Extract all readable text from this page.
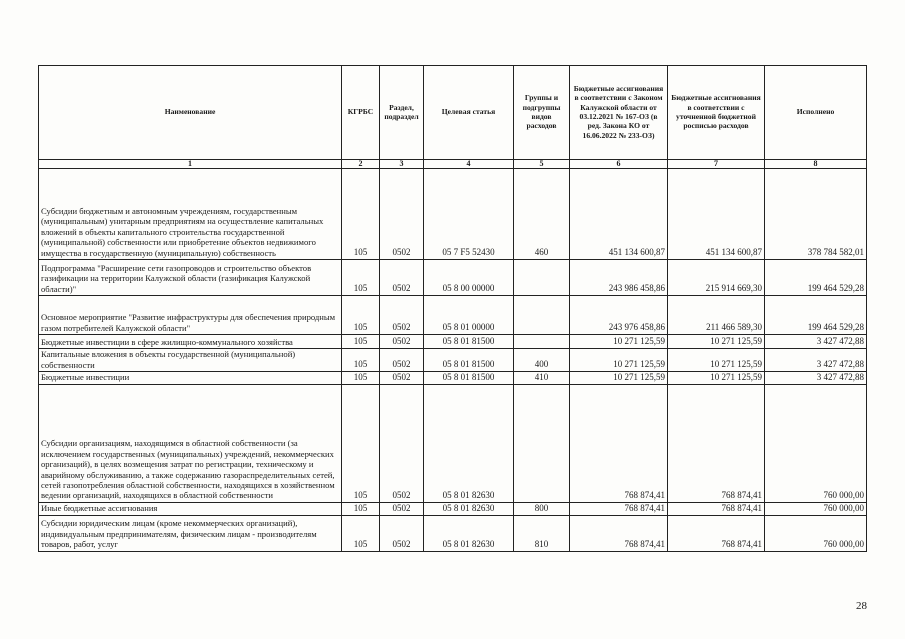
Наименование	КГРБС	Раздел, подраздел	Целевая статья	Группы и подгруппы видов расходов	Бюджетные ассигнования в соответствии с Законом Калужской области от 03.12.2021 № 167-ОЗ (в ред. Закона КО от 16.06.2022 № 233-ОЗ)	Бюджетные ассигнования в соответствии с уточненной бюджетной росписью расходов	Исполнено
1	2	3	4	5	6	7	8
Субсидии бюджетным и автономным учреждениям, государственным (муниципальным) унитарным предприятиям на осуществление капитальных вложений в объекты капитального строительства государственной (муниципальной) собственности или приобретение объектов недвижимого имущества в государственную (муниципальную) собственность	105	0502	05 7 F5 52430	460	451 134 600,87	451 134 600,87	378 784 582,01
Подпрограмма "Расширение сети газопроводов и строительство объектов газификации на территории Калужской области (газификация Калужской области)"	105	0502	05 8 00 00000		243 986 458,86	215 914 669,30	199 464 529,28
Основное мероприятие "Развитие инфраструктуры для обеспечения природным газом потребителей Калужской области"	105	0502	05 8 01 00000		243 976 458,86	211 466 589,30	199 464 529,28
Бюджетные инвестиции в сфере жилищно-коммунального хозяйства	105	0502	05 8 01 81500		10 271 125,59	10 271 125,59	3 427 472,88
Капитальные вложения в объекты государственной (муниципальной) собственности	105	0502	05 8 01 81500	400	10 271 125,59	10 271 125,59	3 427 472,88
Бюджетные инвестиции	105	0502	05 8 01 81500	410	10 271 125,59	10 271 125,59	3 427 472,88
Субсидии организациям, находящимся в областной собственности (за исключением государственных (муниципальных) учреждений, некоммерческих организаций), в целях возмещения затрат по регистрации, техническому и аварийному обслуживанию, а также содержанию газораспределительных сетей, сетей газопотребления областной собственности, находящихся в хозяйственном ведении организаций, находящихся в областной собственности	105	0502	05 8 01 82630		768 874,41	768 874,41	760 000,00
Иные бюджетные ассигнования	105	0502	05 8 01 82630	800	768 874,41	768 874,41	760 000,00
Субсидии юридическим лицам (кроме некоммерческих организаций), индивидуальным предпринимателям, физическим лицам - производителям товаров, работ, услуг	105	0502	05 8 01 82630	810	768 874,41	768 874,41	760 000,00
28
